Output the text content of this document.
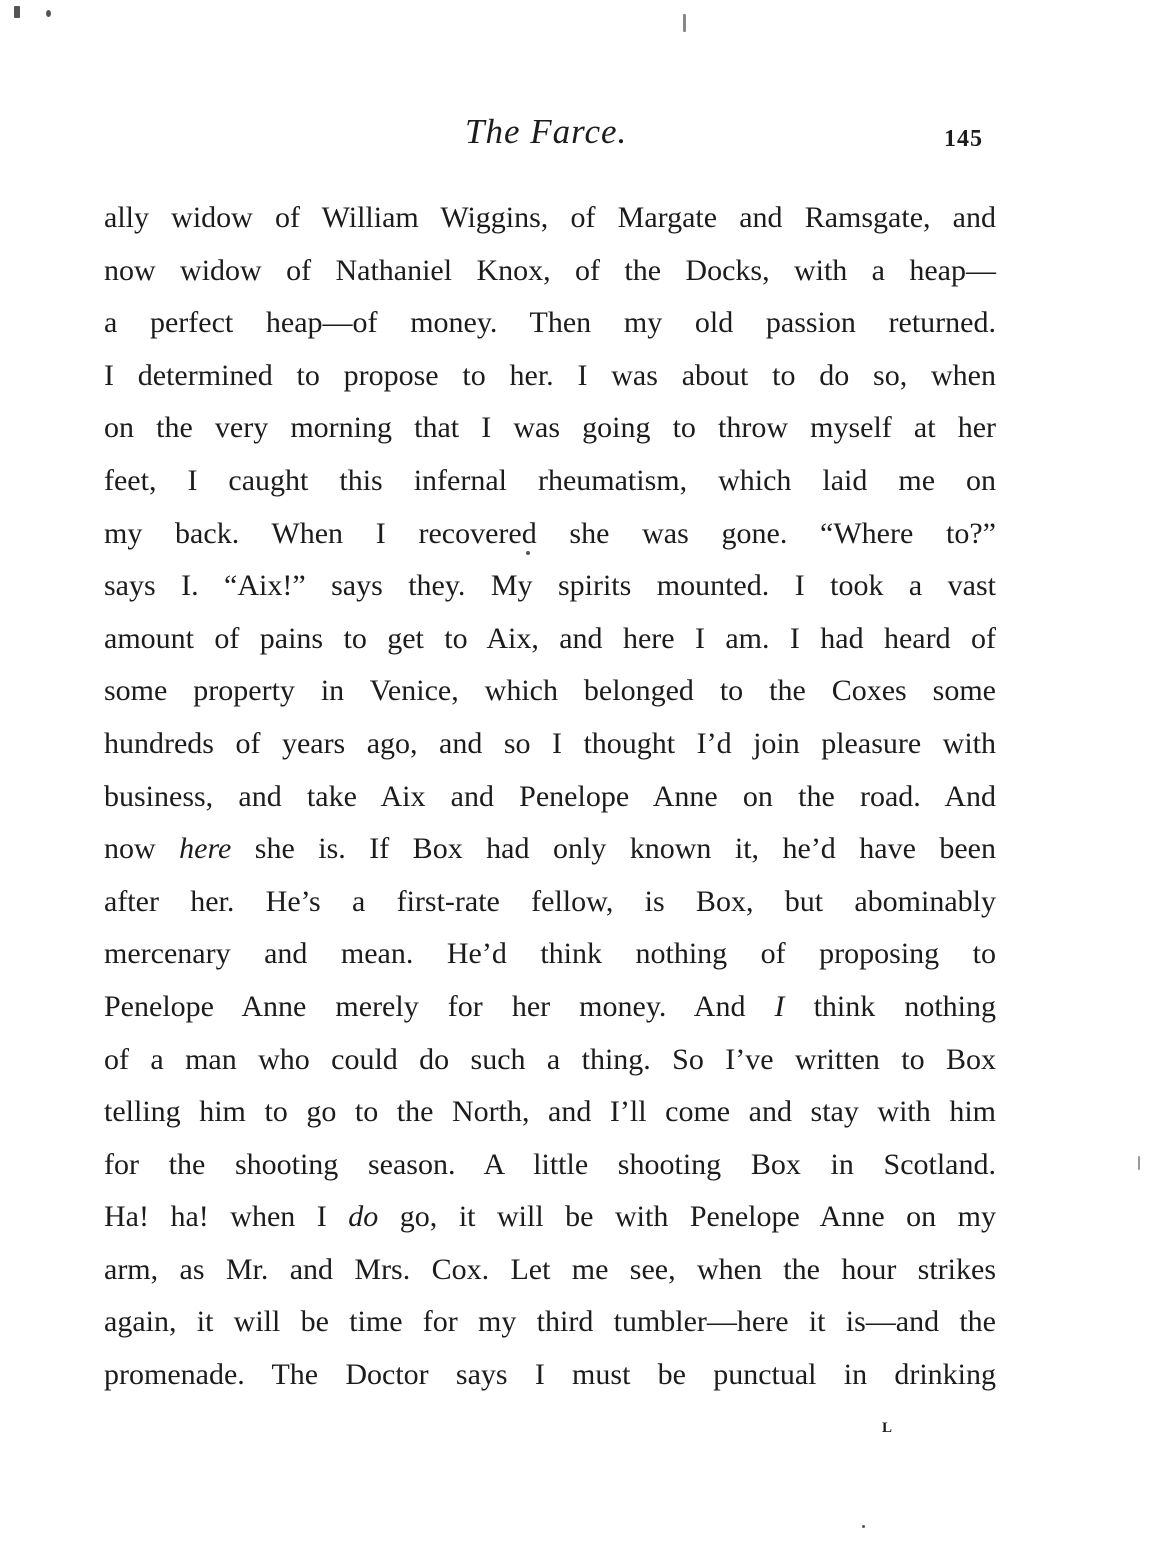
The Farce.	145
ally widow of William Wiggins, of Margate and Ramsgate, and
now widow of Nathaniel Knox, of the Docks, with a heap—
a perfect heap—of money. Then my old passion returned.
I determined to propose to her. I was about to do so, when
on the very morning that I was going to throw myself at her
feet, I caught this infernal rheumatism, which laid me on
my back. When I recovered she was gone. “Where to?”
says I. “Aix!” says they. My spirits mounted. I took a vast
amount of pains to get to Aix, and here I am. I had heard of
some property in Venice, which belonged to the Coxes some
hundreds of years ago, and so I thought I’d join pleasure with
business, and take Aix and Penelope Anne on the road. And
now here she is. If Box had only known it, he’d have been
after her. He’s a first-rate fellow, is Box, but abominably
mercenary and mean. He’d think nothing of proposing to
Penelope Anne merely for her money. And I think nothing
of a man who could do such a thing. So I’ve written to Box
telling him to go to the North, and I’ll come and stay with him
for the shooting season. A little shooting Box in Scotland.
Ha! ha! when I do go, it will be with Penelope Anne on my
arm, as Mr. and Mrs. Cox. Let me see, when the hour strikes
again, it will be time for my third tumbler—here it is—and the
promenade. The Doctor says I must be punctual in drinking
L
